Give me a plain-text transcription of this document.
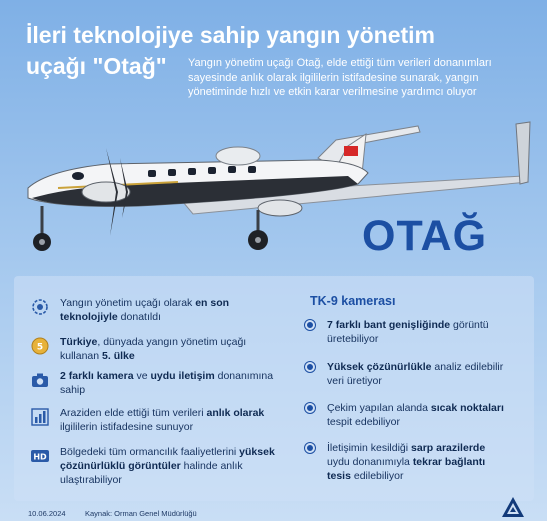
İleri teknolojiye sahip yangın yönetim uçağı "Otağ"	Yangın yönetim uçağı Otağ, elde ettiği tüm verileri donanımları sayesinde anlık olarak ilgililerin istifadesine sunarak, yangın yönetiminde hızlı ve etkin karar verilmesine yardımcı oluyor

OTAĞ
Yangın yönetim uçağı olarak en son teknolojiyle donatıldı
5 Türkiye, dünyada yangın yönetim uçağı kullanan 5. ülke
2 farklı kamera ve uydu iletişim donanımına sahip
Araziden elde ettiği tüm verileri anlık olarak ilgililerin istifadesine sunuyor
HD Bölgedeki tüm ormancılık faaliyetlerini yüksek çözünürlüklü görüntüler halinde anlık ulaştırabiliyor
TK-9 kamerası
7 farklı bant genişliğinde görüntü üretebiliyor
Yüksek çözünürlükle analiz edilebilir veri üretiyor
Çekim yapılan alanda sıcak noktaları tespit edebiliyor
İletişimin kesildiği sarp arazilerde uydu donanımıyla tekrar bağlantı tesis edilebiliyor
10.06.2024	Kaynak: Orman Genel Müdürlüğü
